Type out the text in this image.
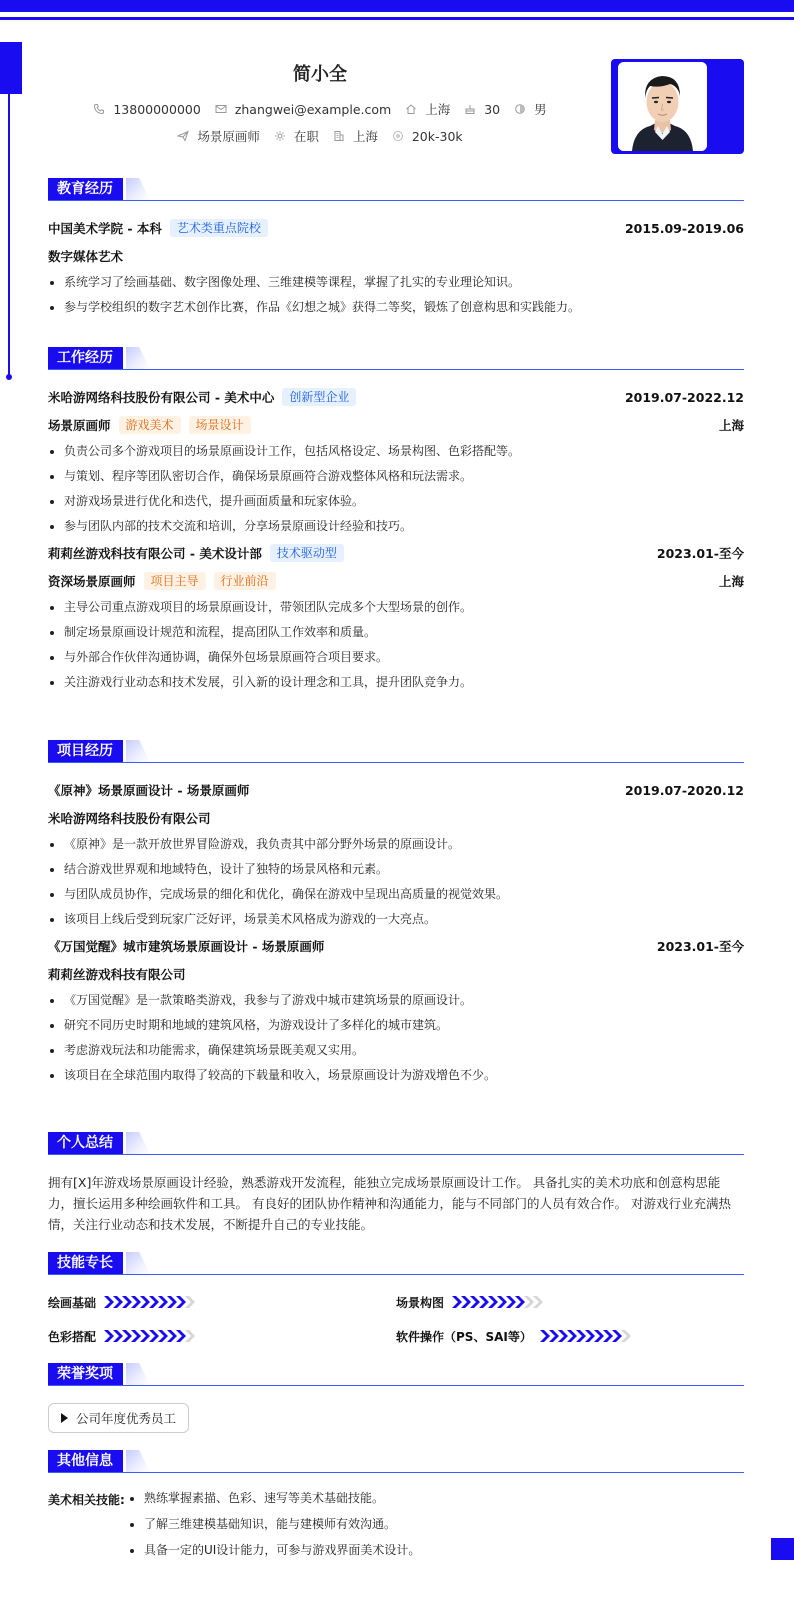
简小全
13800000000	zhangwei@example.com	上海	30	男
场景原画师	在职	上海	20k-30k
教育经历
中国美术学院 - 本科	艺术类重点院校	2015.09-2019.06
数字媒体艺术
系统学习了绘画基础、数字图像处理、三维建模等课程，掌握了扎实的专业理论知识。
参与学校组织的数字艺术创作比赛，作品《幻想之城》获得二等奖，锻炼了创意构思和实践能力。
工作经历
米哈游网络科技股份有限公司 - 美术中心	创新型企业	2019.07-2022.12
场景原画师	游戏美术	场景设计	上海
负责公司多个游戏项目的场景原画设计工作，包括风格设定、场景构图、色彩搭配等。
与策划、程序等团队密切合作，确保场景原画符合游戏整体风格和玩法需求。
对游戏场景进行优化和迭代，提升画面质量和玩家体验。
参与团队内部的技术交流和培训，分享场景原画设计经验和技巧。
莉莉丝游戏科技有限公司 - 美术设计部	技术驱动型	2023.01-至今
资深场景原画师	项目主导	行业前沿	上海
主导公司重点游戏项目的场景原画设计，带领团队完成多个大型场景的创作。
制定场景原画设计规范和流程，提高团队工作效率和质量。
与外部合作伙伴沟通协调，确保外包场景原画符合项目要求。
关注游戏行业动态和技术发展，引入新的设计理念和工具，提升团队竞争力。
项目经历
《原神》场景原画设计 - 场景原画师	2019.07-2020.12
米哈游网络科技股份有限公司
《原神》是一款开放世界冒险游戏，我负责其中部分野外场景的原画设计。
结合游戏世界观和地域特色，设计了独特的场景风格和元素。
与团队成员协作，完成场景的细化和优化，确保在游戏中呈现出高质量的视觉效果。
该项目上线后受到玩家广泛好评，场景美术风格成为游戏的一大亮点。
《万国觉醒》城市建筑场景原画设计 - 场景原画师	2023.01-至今
莉莉丝游戏科技有限公司
《万国觉醒》是一款策略类游戏，我参与了游戏中城市建筑场景的原画设计。
研究不同历史时期和地域的建筑风格，为游戏设计了多样化的城市建筑。
考虑游戏玩法和功能需求，确保建筑场景既美观又实用。
该项目在全球范围内取得了较高的下载量和收入，场景原画设计为游戏增色不少。
个人总结

拥有[X]年游戏场景原画设计经验，熟悉游戏开发流程，能独立完成场景原画设计工作。 具备扎实的美术功底和创意构思能力，擅长运用多种绘画软件和工具。 有良好的团队协作精神和沟通能力，能与不同部门的人员有效合作。 对游戏行业充满热情，关注行业动态和技术发展，不断提升自己的专业技能。

技能专长
绘画基础	场景构图
色彩搭配	软件操作（PS、SAI等）
荣誉奖项
公司年度优秀员工
其他信息
美术相关技能:	熟练掌握素描、色彩、速写等美术基础技能。
了解三维建模基础知识，能与建模师有效沟通。
具备一定的UI设计能力，可参与游戏界面美术设计。
